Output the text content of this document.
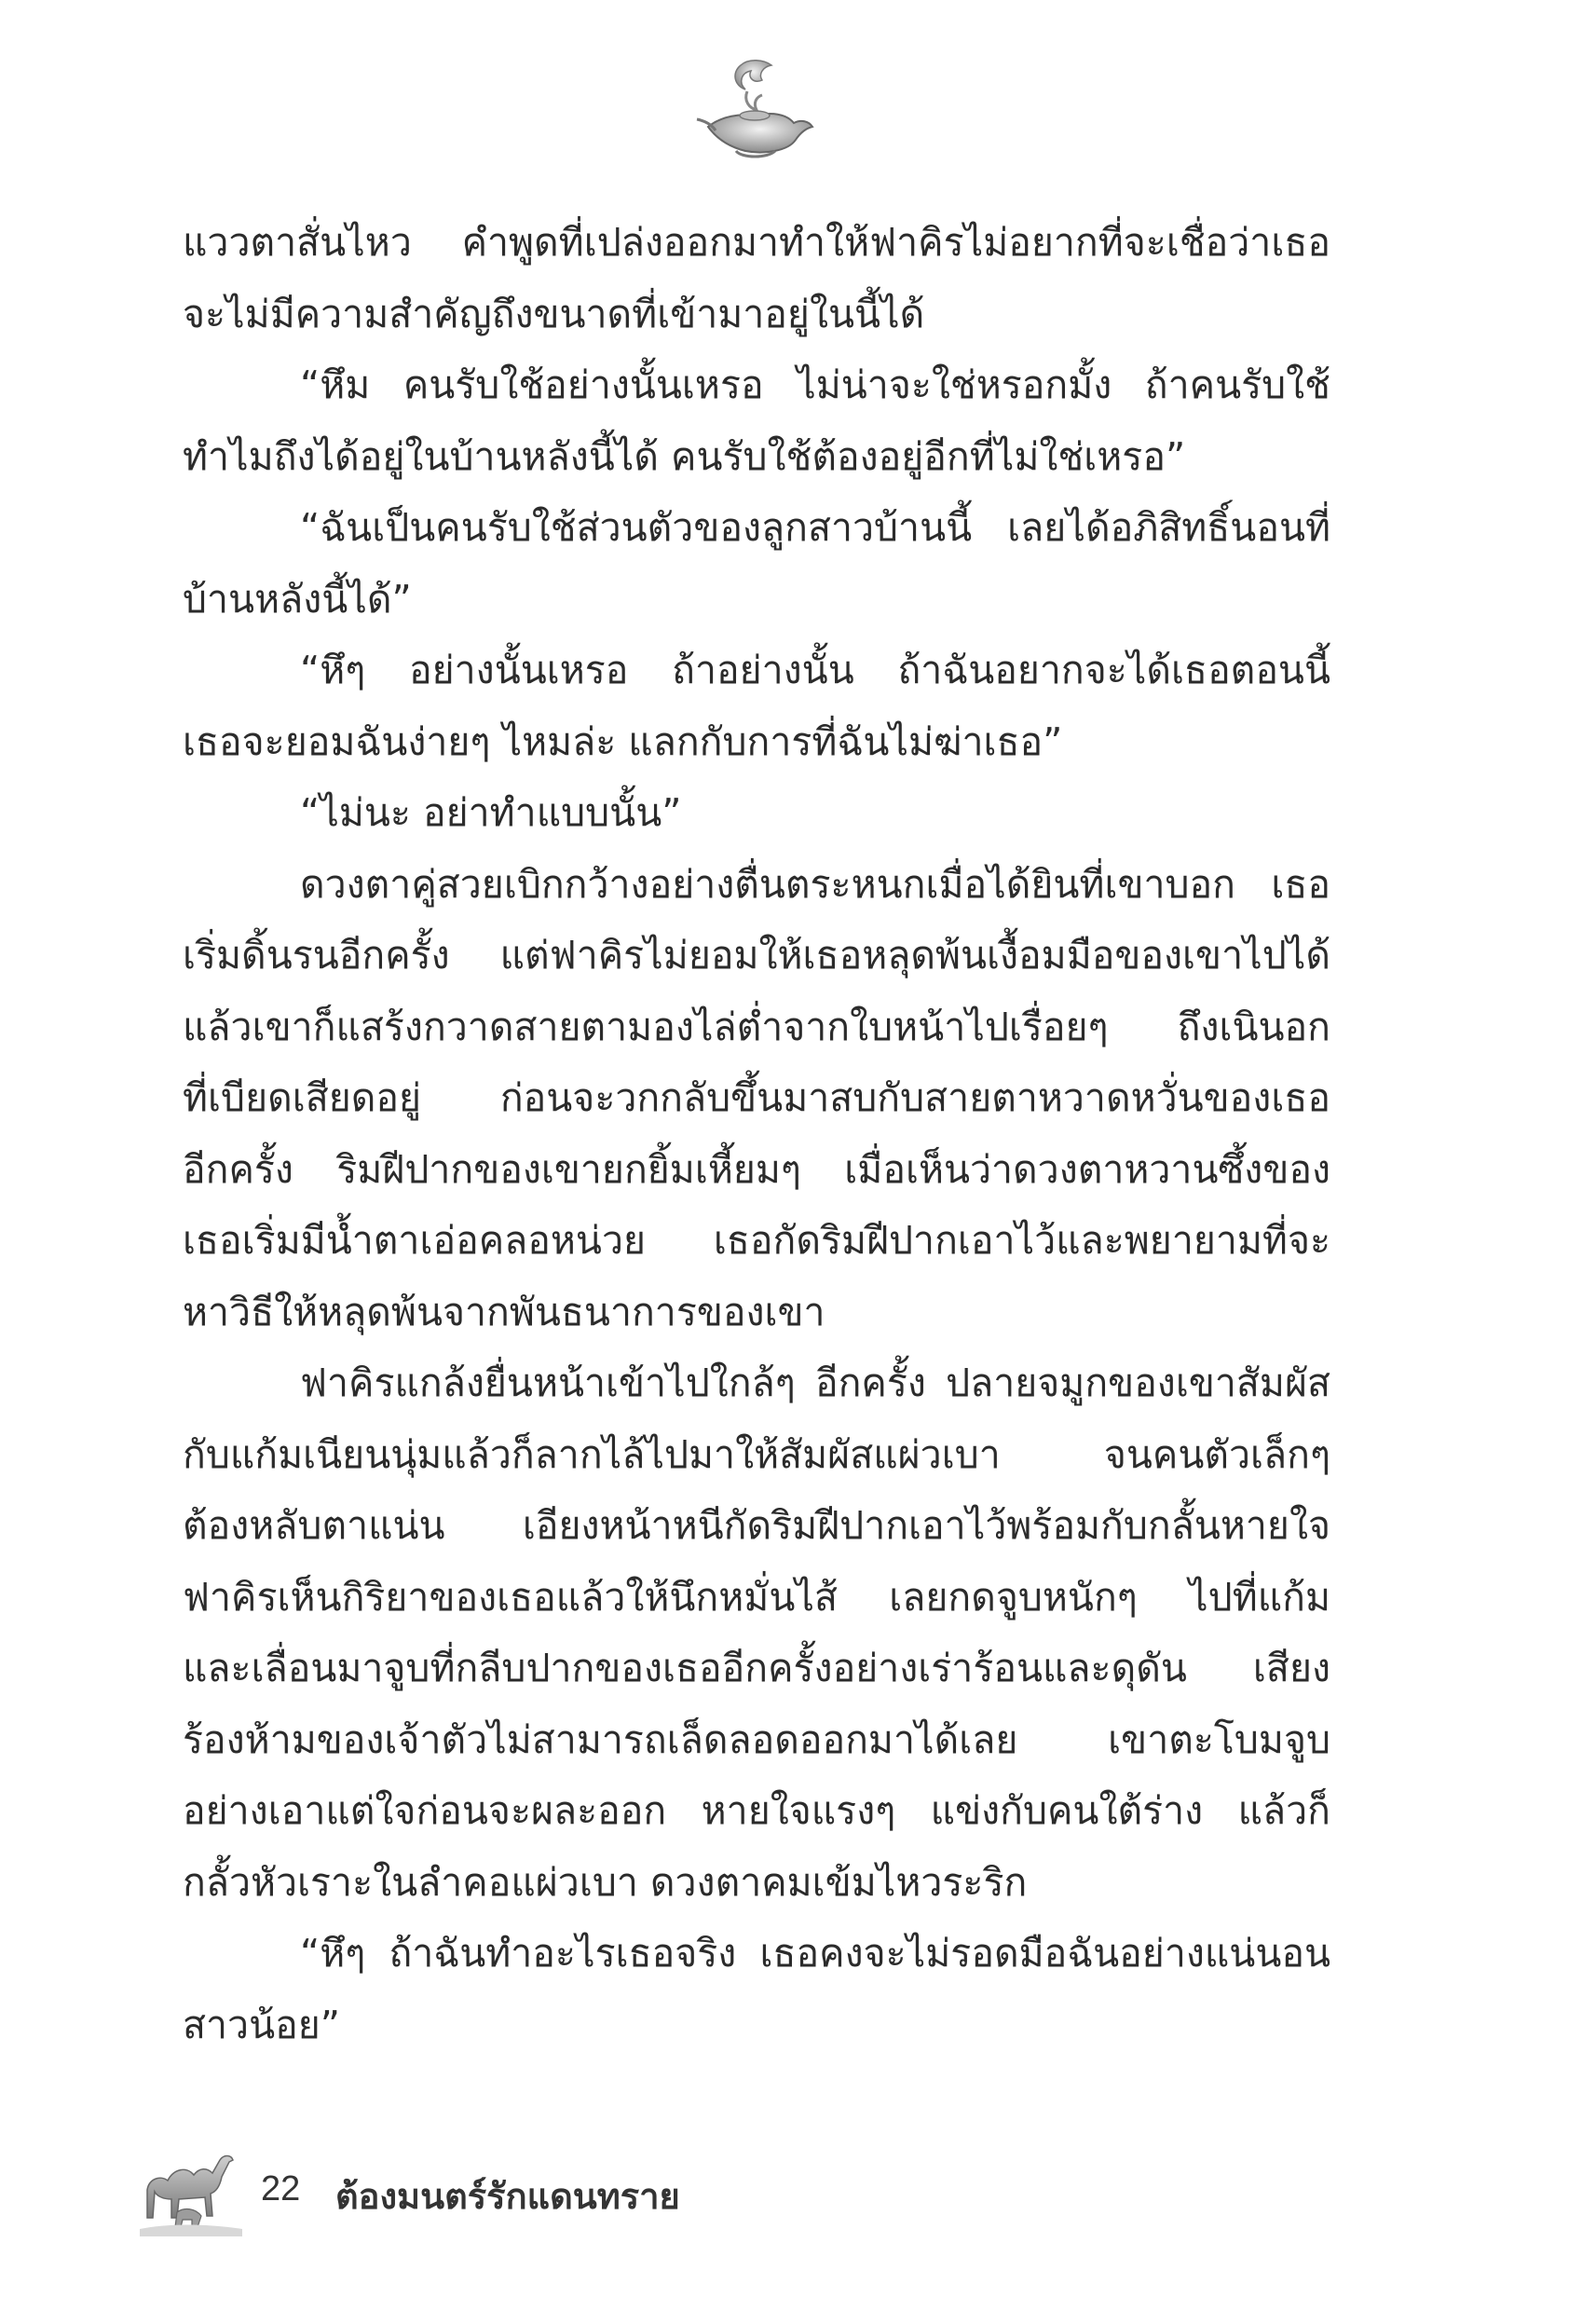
แววตาสั่นไหว คำพูดที่เปล่งออกมาทำให้ฟาคิรไม่อยากที่จะเชื่อว่าเธอ
จะไม่มีความสำคัญถึงขนาดที่เข้ามาอยู่ในนี้ได้
“หึม คนรับใช้อย่างนั้นเหรอ ไม่น่าจะใช่หรอกมั้ง ถ้าคนรับใช้
ทำไมถึงได้อยู่ในบ้านหลังนี้ได้ คนรับใช้ต้องอยู่อีกที่ไม่ใช่เหรอ”
“ฉันเป็นคนรับใช้ส่วนตัวของลูกสาวบ้านนี้ เลยได้อภิสิทธิ์นอนที่
บ้านหลังนี้ได้”
“หึๆ อย่างนั้นเหรอ ถ้าอย่างนั้น ถ้าฉันอยากจะได้เธอตอนนี้
เธอจะยอมฉันง่ายๆ ไหมล่ะ แลกกับการที่ฉันไม่ฆ่าเธอ”
“ไม่นะ อย่าทำแบบนั้น”
ดวงตาคู่สวยเบิกกว้างอย่างตื่นตระหนกเมื่อได้ยินที่เขาบอก เธอ
เริ่มดิ้นรนอีกครั้ง แต่ฟาคิรไม่ยอมให้เธอหลุดพ้นเงื้อมมือของเขาไปได้
แล้วเขาก็แสร้งกวาดสายตามองไล่ต่ำจากใบหน้าไปเรื่อยๆ ถึงเนินอก
ที่เบียดเสียดอยู่ ก่อนจะวกกลับขึ้นมาสบกับสายตาหวาดหวั่นของเธอ
อีกครั้ง ริมฝีปากของเขายกยิ้มเหี้ยมๆ เมื่อเห็นว่าดวงตาหวานซึ้งของ
เธอเริ่มมีน้ำตาเอ่อคลอหน่วย เธอกัดริมฝีปากเอาไว้และพยายามที่จะ
หาวิธีให้หลุดพ้นจากพันธนาการของเขา
ฟาคิรแกล้งยื่นหน้าเข้าไปใกล้ๆ อีกครั้ง ปลายจมูกของเขาสัมผัส
กับแก้มเนียนนุ่มแล้วก็ลากไล้ไปมาให้สัมผัสแผ่วเบา จนคนตัวเล็กๆ
ต้องหลับตาแน่น เอียงหน้าหนีกัดริมฝีปากเอาไว้พร้อมกับกลั้นหายใจ
ฟาคิรเห็นกิริยาของเธอแล้วให้นึกหมั่นไส้ เลยกดจูบหนักๆ ไปที่แก้ม
และเลื่อนมาจูบที่กลีบปากของเธออีกครั้งอย่างเร่าร้อนและดุดัน เสียง
ร้องห้ามของเจ้าตัวไม่สามารถเล็ดลอดออกมาได้เลย เขาตะโบมจูบ
อย่างเอาแต่ใจก่อนจะผละออก หายใจแรงๆ แข่งกับคนใต้ร่าง แล้วก็
กลั้วหัวเราะในลำคอแผ่วเบา ดวงตาคมเข้มไหวระริก
“หึๆ ถ้าฉันทำอะไรเธอจริง เธอคงจะไม่รอดมือฉันอย่างแน่นอน
สาวน้อย”
22 ต้องมนตร์รักแดนทราย
